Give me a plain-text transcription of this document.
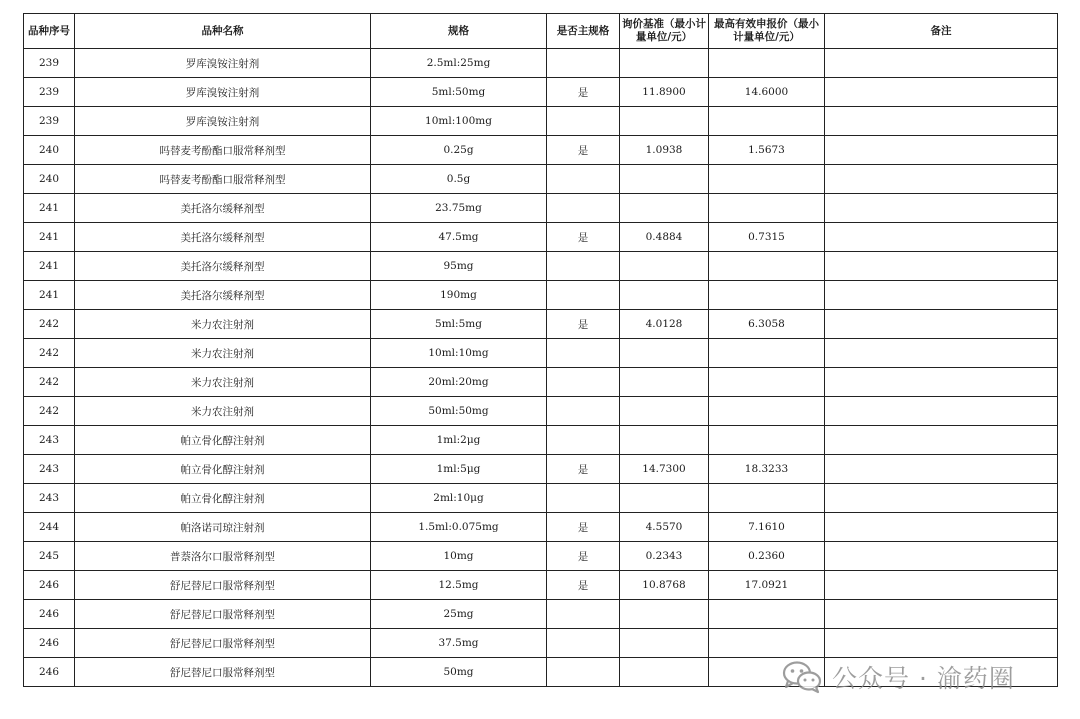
品种序号	品种名称	规格	是否主规格	询价基准（最小计量单位/元）	最高有效申报价（最小计量单位/元）	备注
239	罗库溴铵注射剂	2.5ml:25mg				
239	罗库溴铵注射剂	5ml:50mg	是	11.8900	14.6000	
239	罗库溴铵注射剂	10ml:100mg				
240	吗替麦考酚酯口服常释剂型	0.25g	是	1.0938	1.5673	
240	吗替麦考酚酯口服常释剂型	0.5g				
241	美托洛尔缓释剂型	23.75mg				
241	美托洛尔缓释剂型	47.5mg	是	0.4884	0.7315	
241	美托洛尔缓释剂型	95mg				
241	美托洛尔缓释剂型	190mg				
242	米力农注射剂	5ml:5mg	是	4.0128	6.3058	
242	米力农注射剂	10ml:10mg				
242	米力农注射剂	20ml:20mg				
242	米力农注射剂	50ml:50mg				
243	帕立骨化醇注射剂	1ml:2μg				
243	帕立骨化醇注射剂	1ml:5μg	是	14.7300	18.3233	
243	帕立骨化醇注射剂	2ml:10μg				
244	帕洛诺司琼注射剂	1.5ml:0.075mg	是	4.5570	7.1610	
245	普萘洛尔口服常释剂型	10mg	是	0.2343	0.2360	
246	舒尼替尼口服常释剂型	12.5mg	是	10.8768	17.0921	
246	舒尼替尼口服常释剂型	25mg				
246	舒尼替尼口服常释剂型	37.5mg				
246	舒尼替尼口服常释剂型	50mg					公众号 · 渝药圈
